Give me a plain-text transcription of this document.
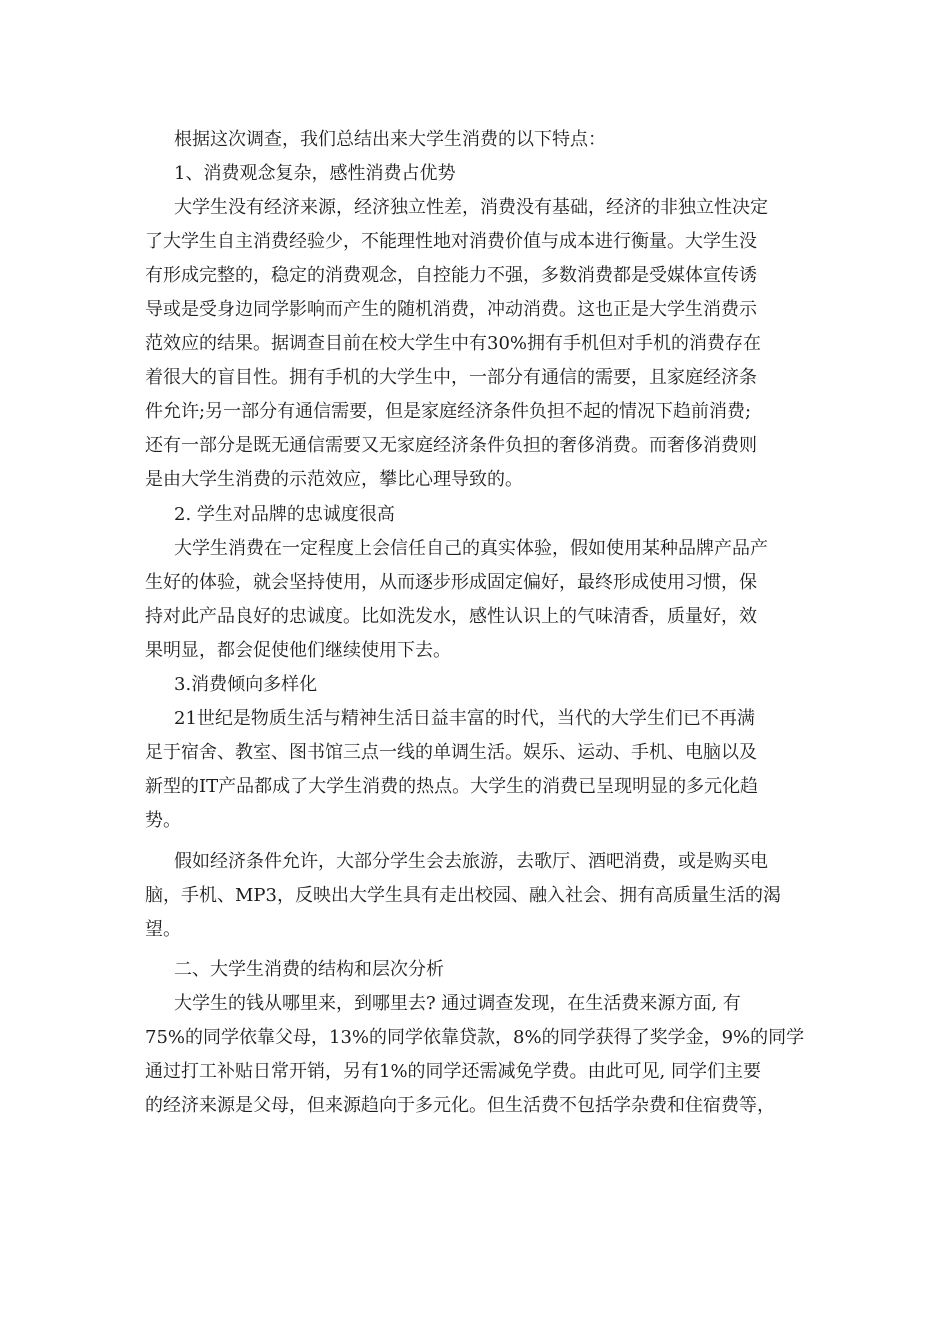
根据这次调查，我们总结出来大学生消费的以下特点：
1、消费观念复杂，感性消费占优势
大学生没有经济来源，经济独立性差，消费没有基础，经济的非独立性决定
了大学生自主消费经验少，不能理性地对消费价值与成本进行衡量。大学生没
有形成完整的，稳定的消费观念，自控能力不强，多数消费都是受媒体宣传诱
导或是受身边同学影响而产生的随机消费，冲动消费。这也正是大学生消费示
范效应的结果。据调查目前在校大学生中有30%拥有手机但对手机的消费存在
着很大的盲目性。拥有手机的大学生中，一部分有通信的需要，且家庭经济条
件允许;另一部分有通信需要，但是家庭经济条件负担不起的情况下趋前消费;
还有一部分是既无通信需要又无家庭经济条件负担的奢侈消费。而奢侈消费则
是由大学生消费的示范效应，攀比心理导致的。
2. 学生对品牌的忠诚度很高
大学生消费在一定程度上会信任自己的真实体验，假如使用某种品牌产品产
生好的体验，就会坚持使用，从而逐步形成固定偏好，最终形成使用习惯，保
持对此产品良好的忠诚度。比如洗发水，感性认识上的气味清香，质量好，效
果明显，都会促使他们继续使用下去。
3.消费倾向多样化
21世纪是物质生活与精神生活日益丰富的时代，当代的大学生们已不再满
足于宿舍、教室、图书馆三点一线的单调生活。娱乐、运动、手机、电脑以及
新型的IT产品都成了大学生消费的热点。大学生的消费已呈现明显的多元化趋
势。
假如经济条件允许，大部分学生会去旅游，去歌厅、酒吧消费，或是购买电
脑，手机、MP3，反映出大学生具有走出校园、融入社会、拥有高质量生活的渴
望。
二、大学生消费的结构和层次分析
大学生的钱从哪里来，到哪里去? 通过调查发现，在生活费来源方面, 有
75%的同学依靠父母，13%的同学依靠贷款，8%的同学获得了奖学金，9%的同学
通过打工补贴日常开销，另有1%的同学还需减免学费。由此可见, 同学们主要
的经济来源是父母，但来源趋向于多元化。但生活费不包括学杂费和住宿费等，
